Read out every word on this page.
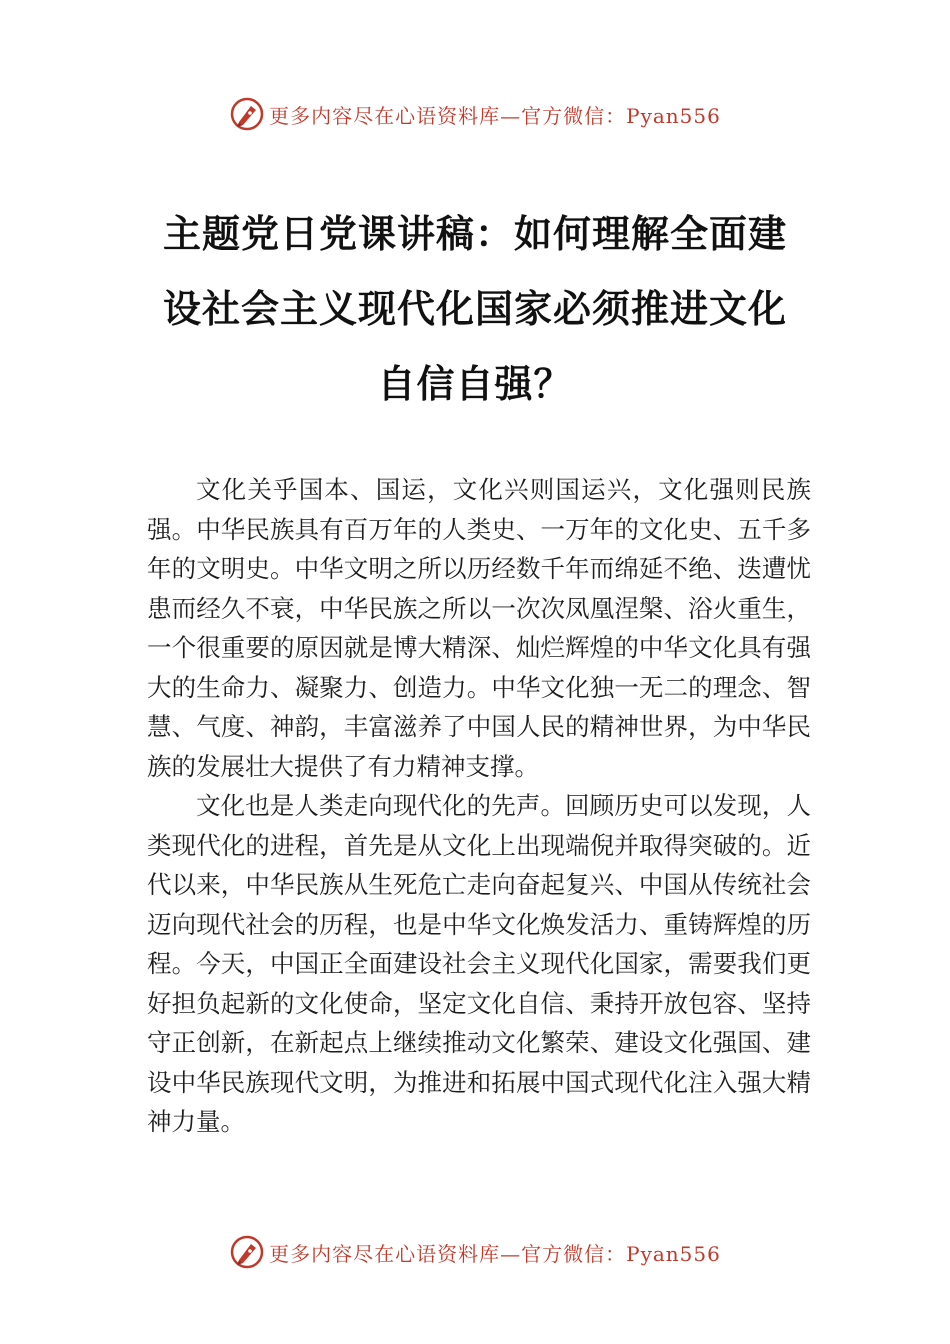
更多内容尽在心语资料库—官方微信：Pyan556
主题党日党课讲稿：如何理解全面建设社会主义现代化国家必须推进文化自信自强？

文化关乎国本、国运，文化兴则国运兴，文化强则民族强。中华民族具有百万年的人类史、一万年的文化史、五千多年的文明史。中华文明之所以历经数千年而绵延不绝、迭遭忧患而经久不衰，中华民族之所以一次次凤凰涅槃、浴火重生，一个很重要的原因就是博大精深、灿烂辉煌的中华文化具有强大的生命力、凝聚力、创造力。中华文化独一无二的理念、智慧、气度、神韵，丰富滋养了中国人民的精神世界，为中华民族的发展壮大提供了有力精神支撑。

文化也是人类走向现代化的先声。回顾历史可以发现，人类现代化的进程，首先是从文化上出现端倪并取得突破的。近代以来，中华民族从生死危亡走向奋起复兴、中国从传统社会迈向现代社会的历程，也是中华文化焕发活力、重铸辉煌的历程。今天，中国正全面建设社会主义现代化国家，需要我们更好担负起新的文化使命，坚定文化自信、秉持开放包容、坚持守正创新，在新起点上继续推动文化繁荣、建设文化强国、建设中华民族现代文明，为推进和拓展中国式现代化注入强大精神力量。

更多内容尽在心语资料库—官方微信：Pyan556
